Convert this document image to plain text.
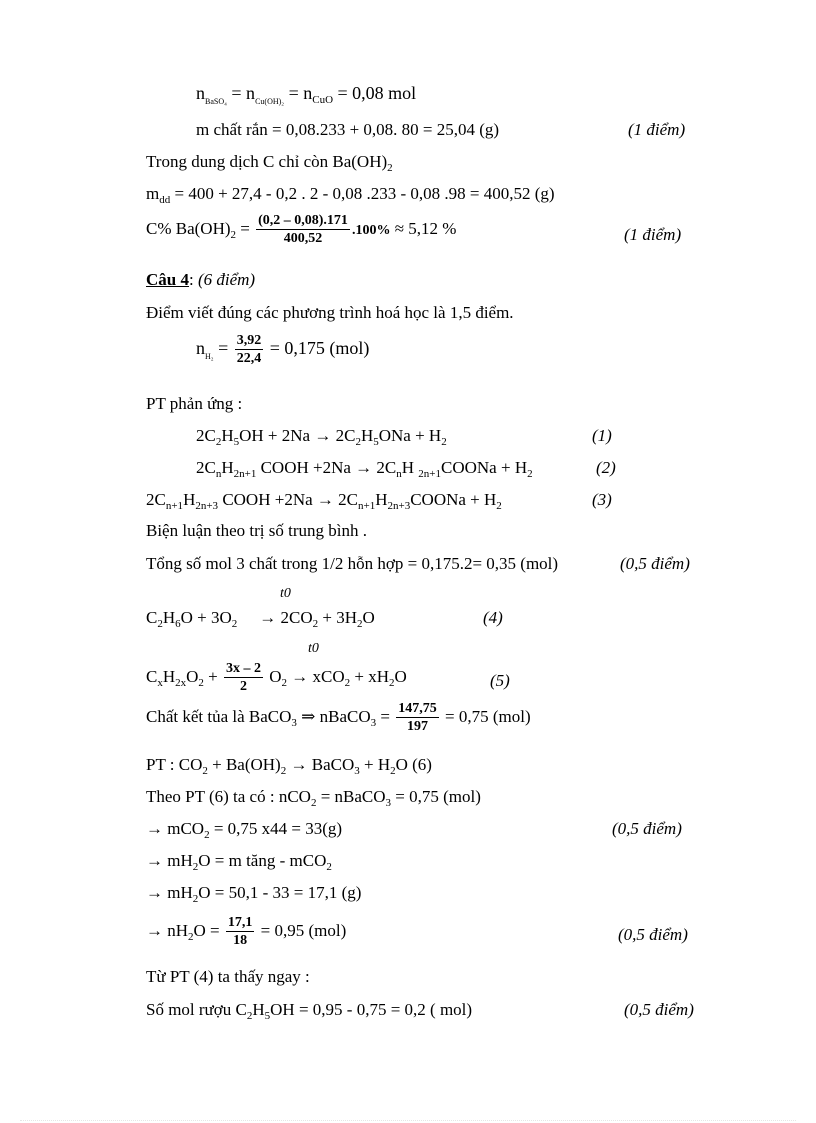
$n_{BaSO_4} = n_{Cu(OH)_2} = n_{CuO} = 0,08$ mol
m chất rắn = 0,08.233 + 0,08. 80 = 25,04 (g)	(1 điểm)
Trong dung dịch C chỉ còn $Ba(OH)_2$
$m_{dd} = 400 + 27,4 - 0,2$ . 2 - 0,08 .233 - 0,08 .98 = 400,52 (g)
C% $Ba(OH)_2 = \frac{(0,2 - 0,08).171}{400,52} .100\% \approx 5,12$ %	(1 điểm)
Câu 4: (6 điểm)
Điểm viết đúng các phương trình hoá học là 1,5 điểm.
$n_{H_2} = \frac{3,92}{22,4} = 0,175$ (mol)
PT phản ứng :
$2C_2H_5OH + 2Na \to 2C_2H_5ONa + H_2$	(1)
$2C_nH_{2n+1}$ COOH $+2Na \to 2C_nH$ $_{2n+1}$COONa + $H_2$	(2)
$2C_{n+1}H_{2n+3}$ COOH $+2Na \to 2C_{n+1}H_{2n+3}COONa + H_2$	(3)
Biện luận theo trị số trung bình .
Tổng số mol 3 chất trong 1/2 hỗn hợp = 0,175.2= 0,35 (mol)	(0,5 điểm)
t0
$C_2H_6O + 3O_2 \to 2CO_2 + 3H_2O$	(4)
t0
$C_xH_{2x}O_2 + \frac{3x - 2}{2} O_2 \to xCO_2 + xH_2O$	(5)
Chất kết tủa là BaCO$_3$ ⇒ nBaCO$_3$ = $\frac{147,75}{197} = 0,75$ (mol)
PT : $CO_2 + Ba(OH)_2$ → BaCO$_3$ + $H_2O$ (6)
Theo PT (6) ta có : nCO$_2$ = nBaCO$_3$ = 0,75 (mol)
→ mCO$_2$ = 0,75 x44 = 33(g)	(0,5 điểm)
→ $mH_2O = m$ tăng - mCO$_2$
→ $mH_2O = 50,1 - 33 = 17,1$ (g)
→ $nH_2O = \frac{17,1}{18} = 0,95$ (mol)	(0,5 điểm)
Từ PT (4) ta thấy ngay :
Số mol rượu $C_2H_5OH = 0,95 - 0,75 = 0,2$ ( mol)	(0,5 điểm)
